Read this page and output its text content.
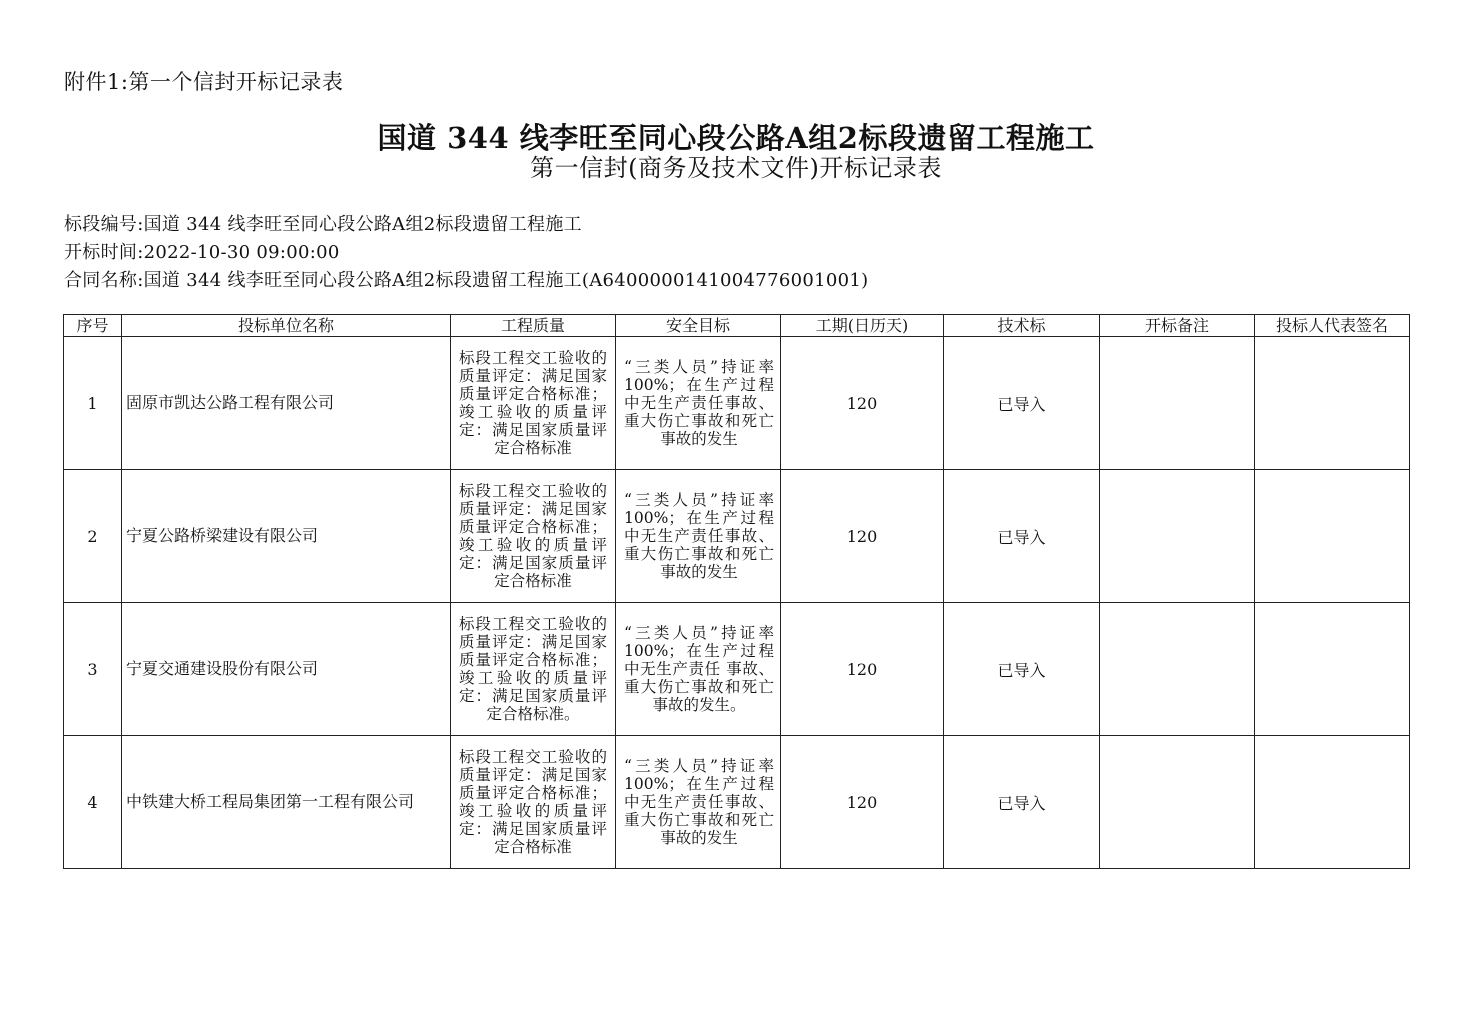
附件1:第一个信封开标记录表
国道 344 线李旺至同心段公路A组2标段遗留工程施工
第一信封(商务及技术文件)开标记录表
标段编号:国道 344 线李旺至同心段公路A组2标段遗留工程施工
开标时间:2022-10-30 09:00:00
合同名称:国道 344 线李旺至同心段公路A组2标段遗留工程施工(A6400000141004776001001)
序号	投标单位名称	工程质量	安全目标	工期(日历天)	技术标	开标备注	投标人代表签名
1	固原市凯达公路工程有限公司	标段工程交工验收的质量评定：满足国家质量评定合格标准；竣工验收的质量评定：满足国家质量评定合格标准	“三类人员”持证率100%；在生产过程中无生产责任事故、重大伤亡事故和死亡事故的发生	120	已导入		
2	宁夏公路桥梁建设有限公司	标段工程交工验收的质量评定：满足国家质量评定合格标准；竣工验收的质量评定：满足国家质量评定合格标准	“三类人员”持证率100%；在生产过程中无生产责任事故、重大伤亡事故和死亡事故的发生	120	已导入		
3	宁夏交通建设股份有限公司	标段工程交工验收的质量评定：满足国家质量评定合格标准；竣工验收的质量评定：满足国家质量评定合格标准。	“三类人员”持证率 100%；在生产过程中无生产责任 事故、重大伤亡事故和死亡事故的发生。	120	已导入		
4	中铁建大桥工程局集团第一工程有限公司	标段工程交工验收的质量评定：满足国家质量评定合格标准；竣工验收的质量评定：满足国家质量评定合格标准	“三类人员”持证率100%；在生产过程中无生产责任事故、重大伤亡事故和死亡事故的发生	120	已导入		
